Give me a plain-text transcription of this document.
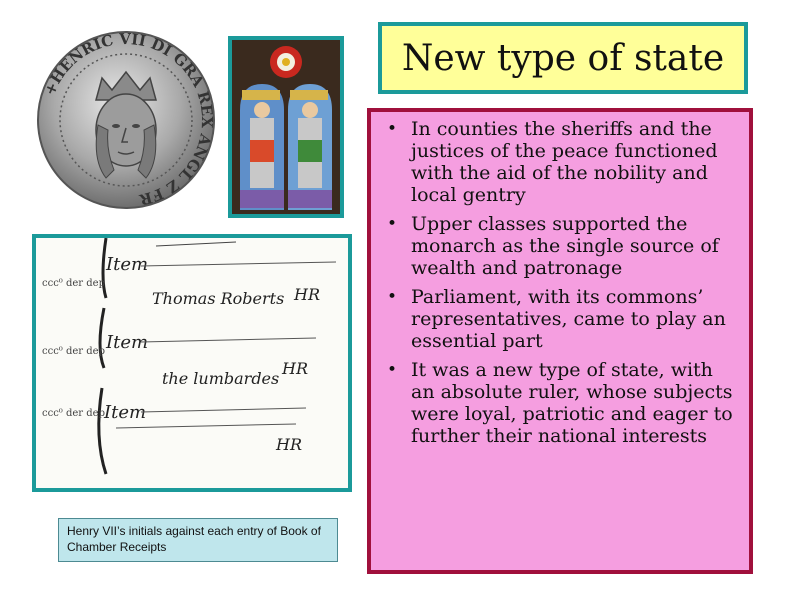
+HENRIC VII DI GRA REX ANGL Z FR
Item
ccc⁰ der dep
Thomas Roberts HR
Item
ccc⁰ der dep
the lumbardes
HR
Item
ccc⁰ der dep
HR
Henry VII’s initials against each entry of Book of Chamber Receipts
New type of state
• In counties the sheriffs and the justices of the peace functioned with the aid of the nobility and local gentry
• Upper classes supported the monarch as the single source of wealth and patronage
• Parliament, with its commons’ representatives, came to play an essential part
• It was a new type of state, with an absolute ruler, whose subjects were loyal, patriotic and eager to further their national interests
